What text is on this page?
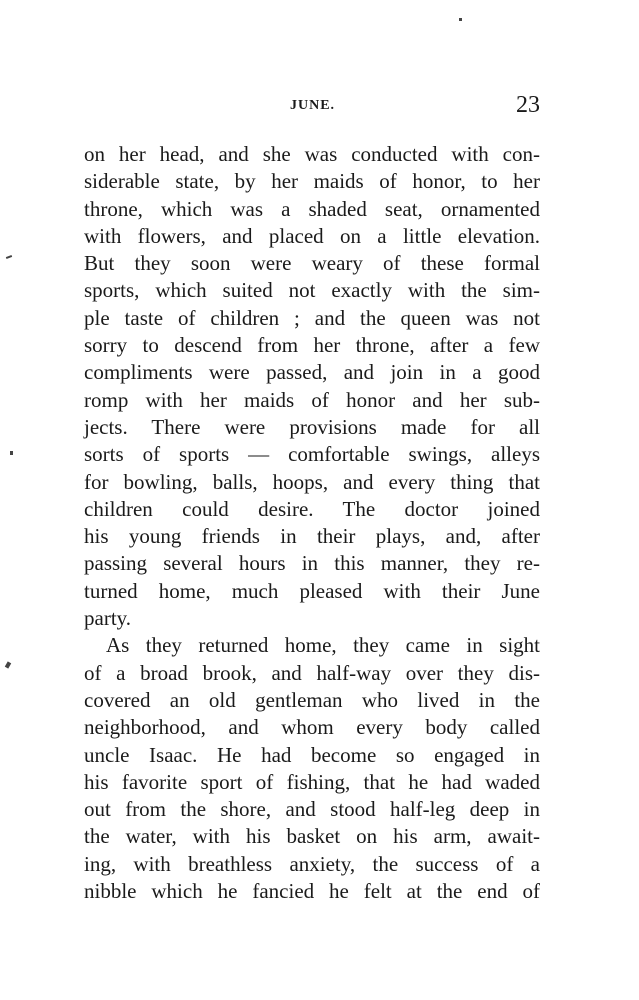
JUNE.	23
on her head, and she was conducted with con-
siderable state, by her maids of honor, to her
throne, which was a shaded seat, ornamented
with flowers, and placed on a little elevation.
But they soon were weary of these formal
sports, which suited not exactly with the sim-
ple taste of children ; and the queen was not
sorry to descend from her throne, after a few
compliments were passed, and join in a good
romp with her maids of honor and her sub-
jects. There were provisions made for all
sorts of sports — comfortable swings, alleys
for bowling, balls, hoops, and every thing that
children could desire. The doctor joined
his young friends in their plays, and, after
passing several hours in this manner, they re-
turned home, much pleased with their June
party.
As they returned home, they came in sight
of a broad brook, and half-way over they dis-
covered an old gentleman who lived in the
neighborhood, and whom every body called
uncle Isaac. He had become so engaged in
his favorite sport of fishing, that he had waded
out from the shore, and stood half-leg deep in
the water, with his basket on his arm, await-
ing, with breathless anxiety, the success of a
nibble which he fancied he felt at the end of
